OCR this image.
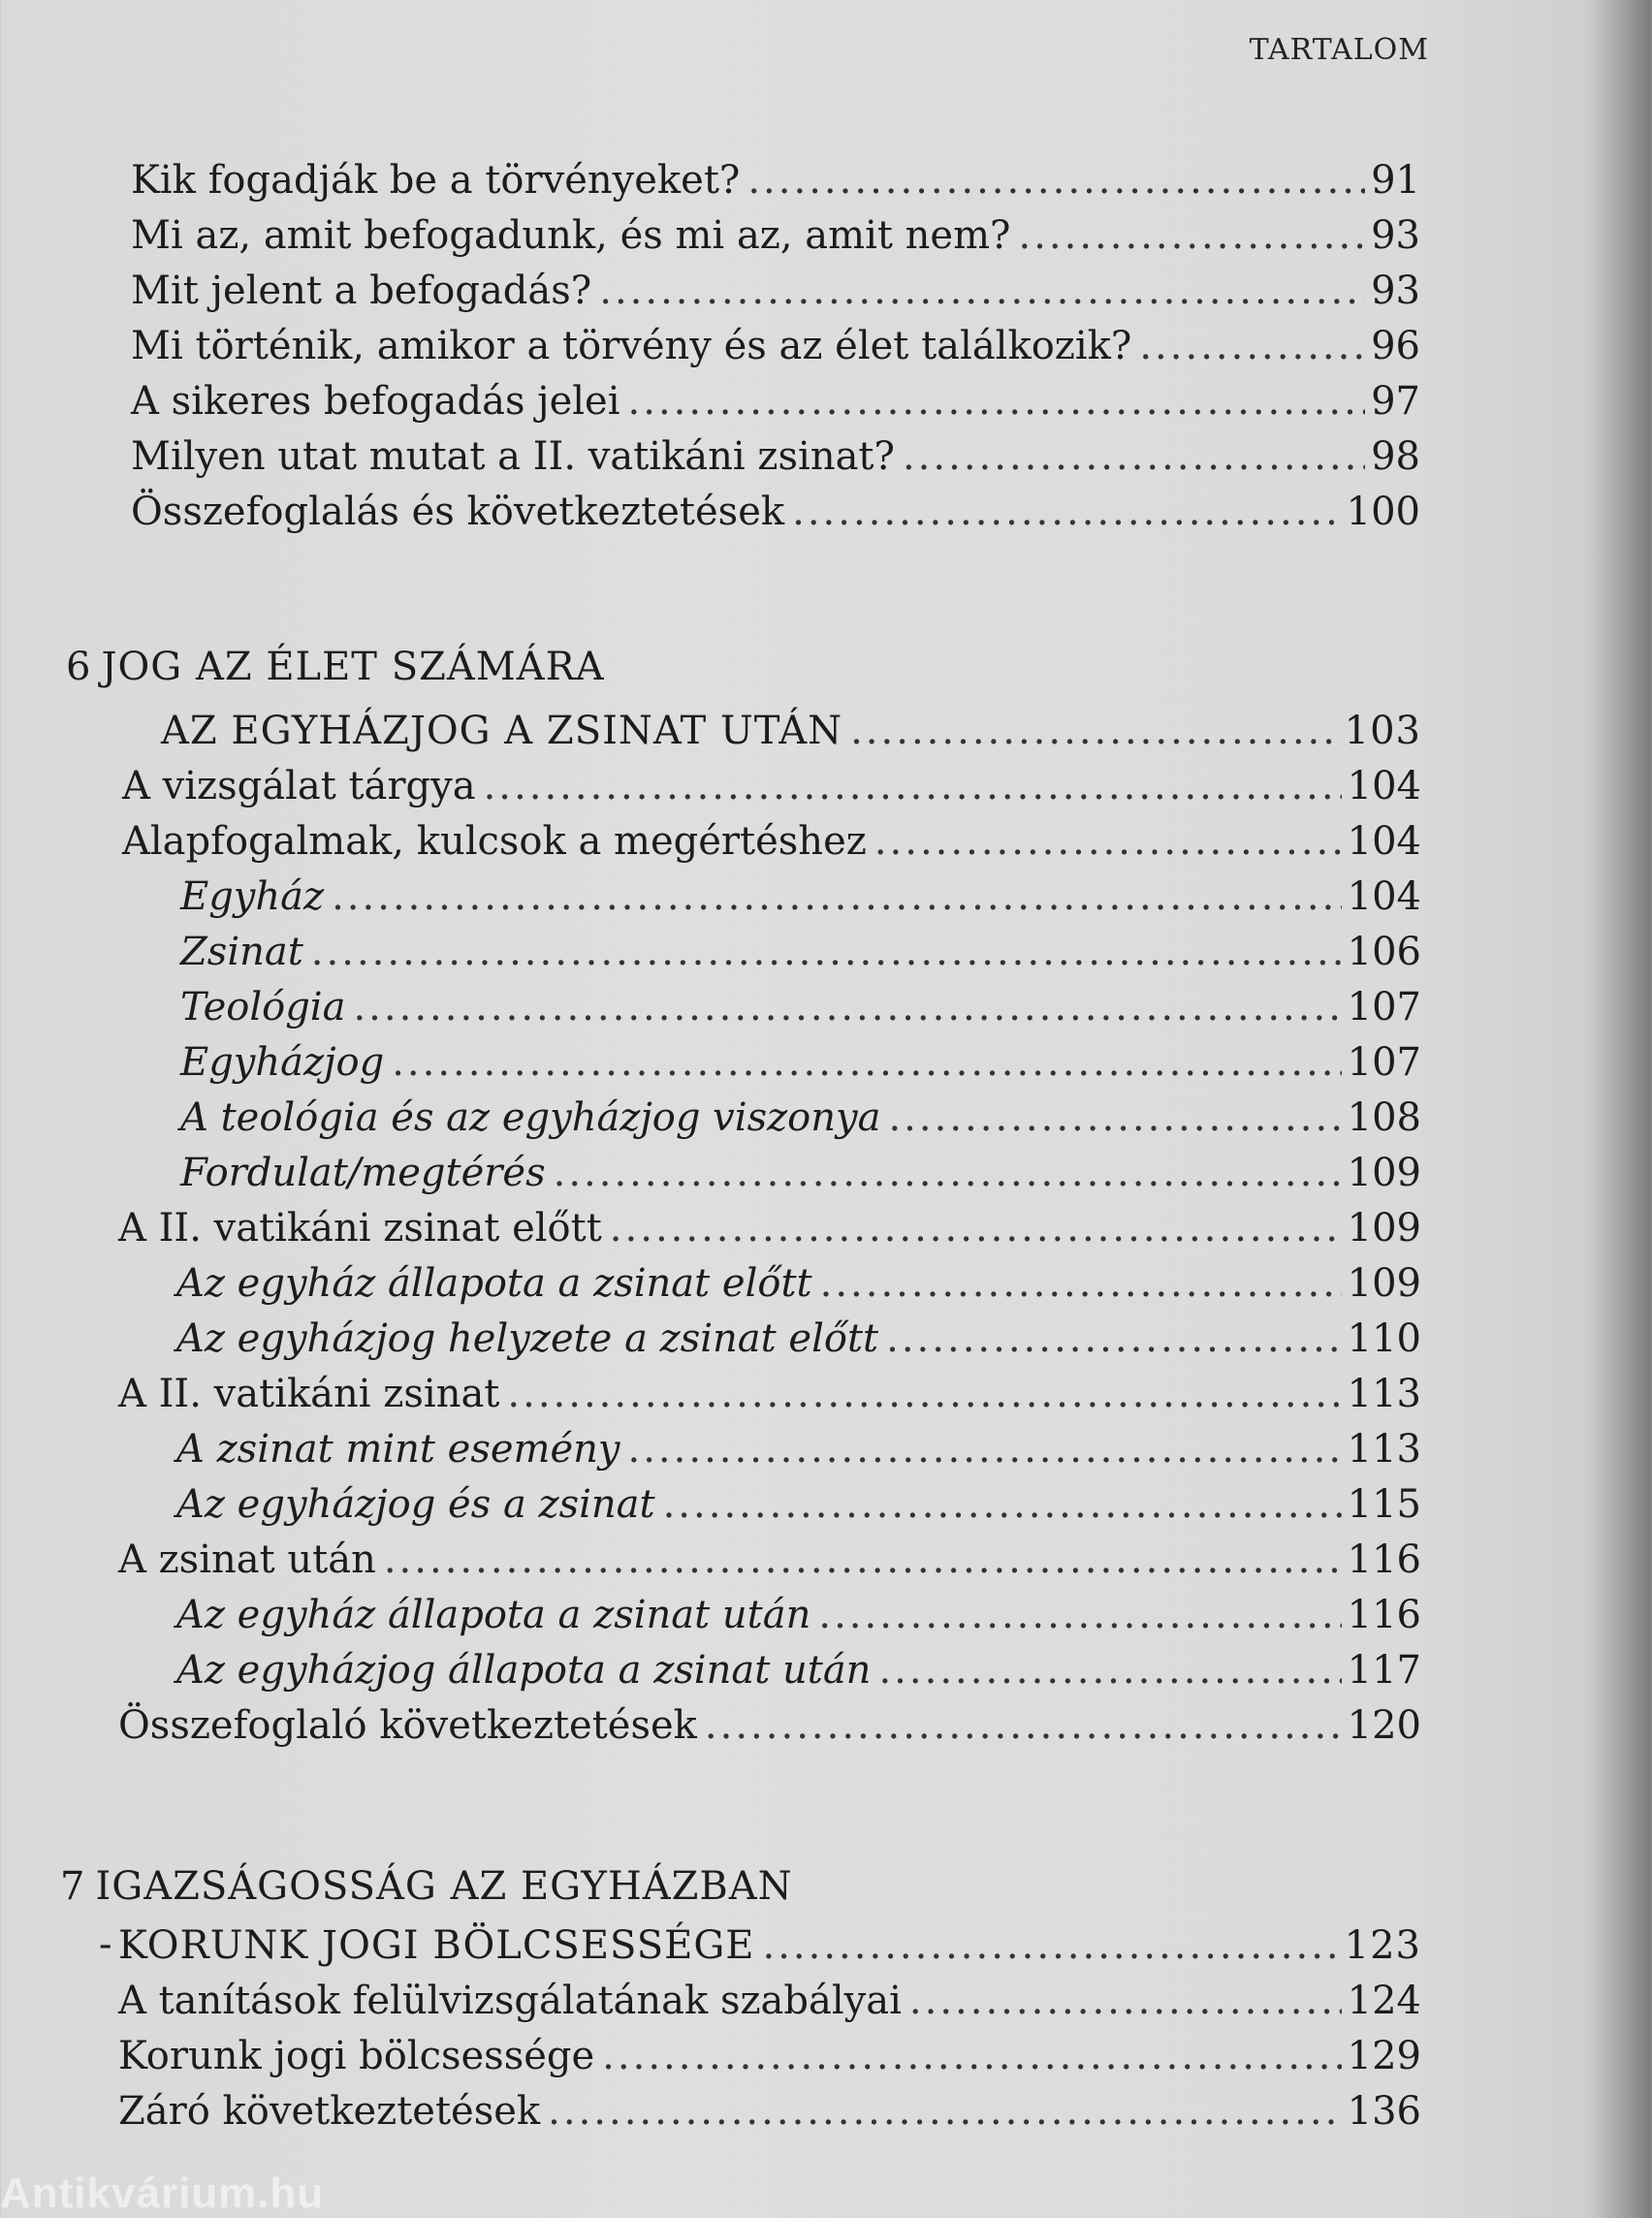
TARTALOM
Kik fogadják be a törvényeket? .....	91
Mi az, amit befogadunk, és mi az, amit nem? .....	93
Mit jelent a befogadás? .....	93
Mi történik, amikor a törvény és az élet találkozik? .....	96
A sikeres befogadás jelei .....	97
Milyen utat mutat a II. vatikáni zsinat? .....	98
Összefoglalás és következtetések .....	100
6 JOG AZ ÉLET SZÁMÁRA
AZ EGYHÁZJOG A ZSINAT UTÁN .....	103
A vizsgálat tárgya .....	104
Alapfogalmak, kulcsok a megértéshez .....	104
Egyház .....	104
Zsinat .....	106
Teológia .....	107
Egyházjog .....	107
A teológia és az egyházjog viszonya .....	108
Fordulat/megtérés .....	109
A II. vatikáni zsinat előtt .....	109
Az egyház állapota a zsinat előtt .....	109
Az egyházjog helyzete a zsinat előtt .....	110
A II. vatikáni zsinat .....	113
A zsinat mint esemény .....	113
Az egyházjog és a zsinat .....	115
A zsinat után .....	116
Az egyház állapota a zsinat után .....	116
Az egyházjog állapota a zsinat után .....	117
Összefoglaló következtetések .....	120
7 IGAZSÁGOSSÁG AZ EGYHÁZBAN
- KORUNK JOGI BÖLCSESSÉGE .....	123
A tanítások felülvizsgálatának szabályai .....	124
Korunk jogi bölcsessége .....	129
Záró következtetések .....	136
Antikvárium.hu
